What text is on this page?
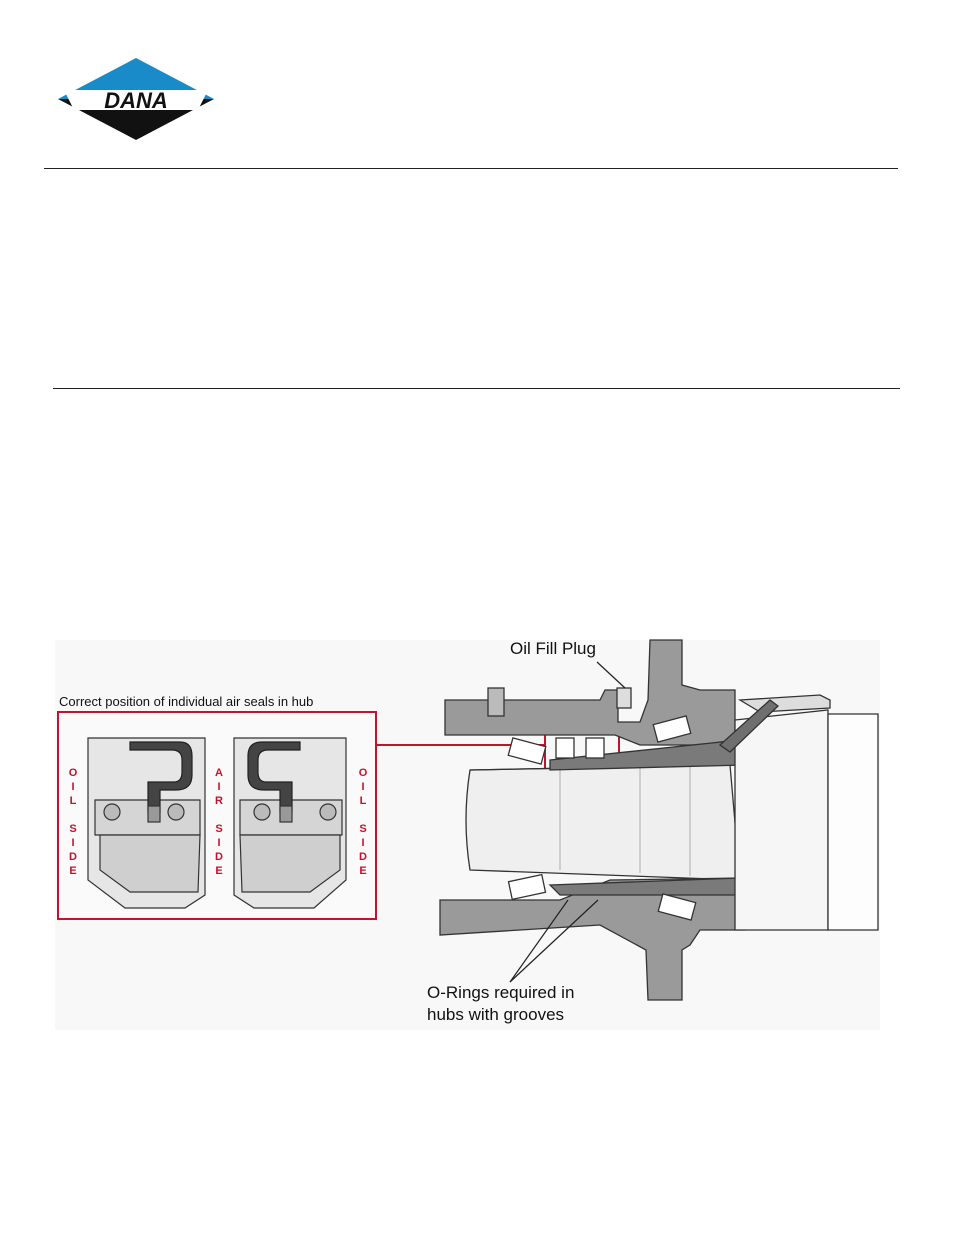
DANA
Correct position of individual air seals in hub
O
I
L

S
I
D
E
A
I
R

S
I
D
E
O
I
L

S
I
D
E
Oil Fill Plug
O-Rings required in
hubs with grooves
